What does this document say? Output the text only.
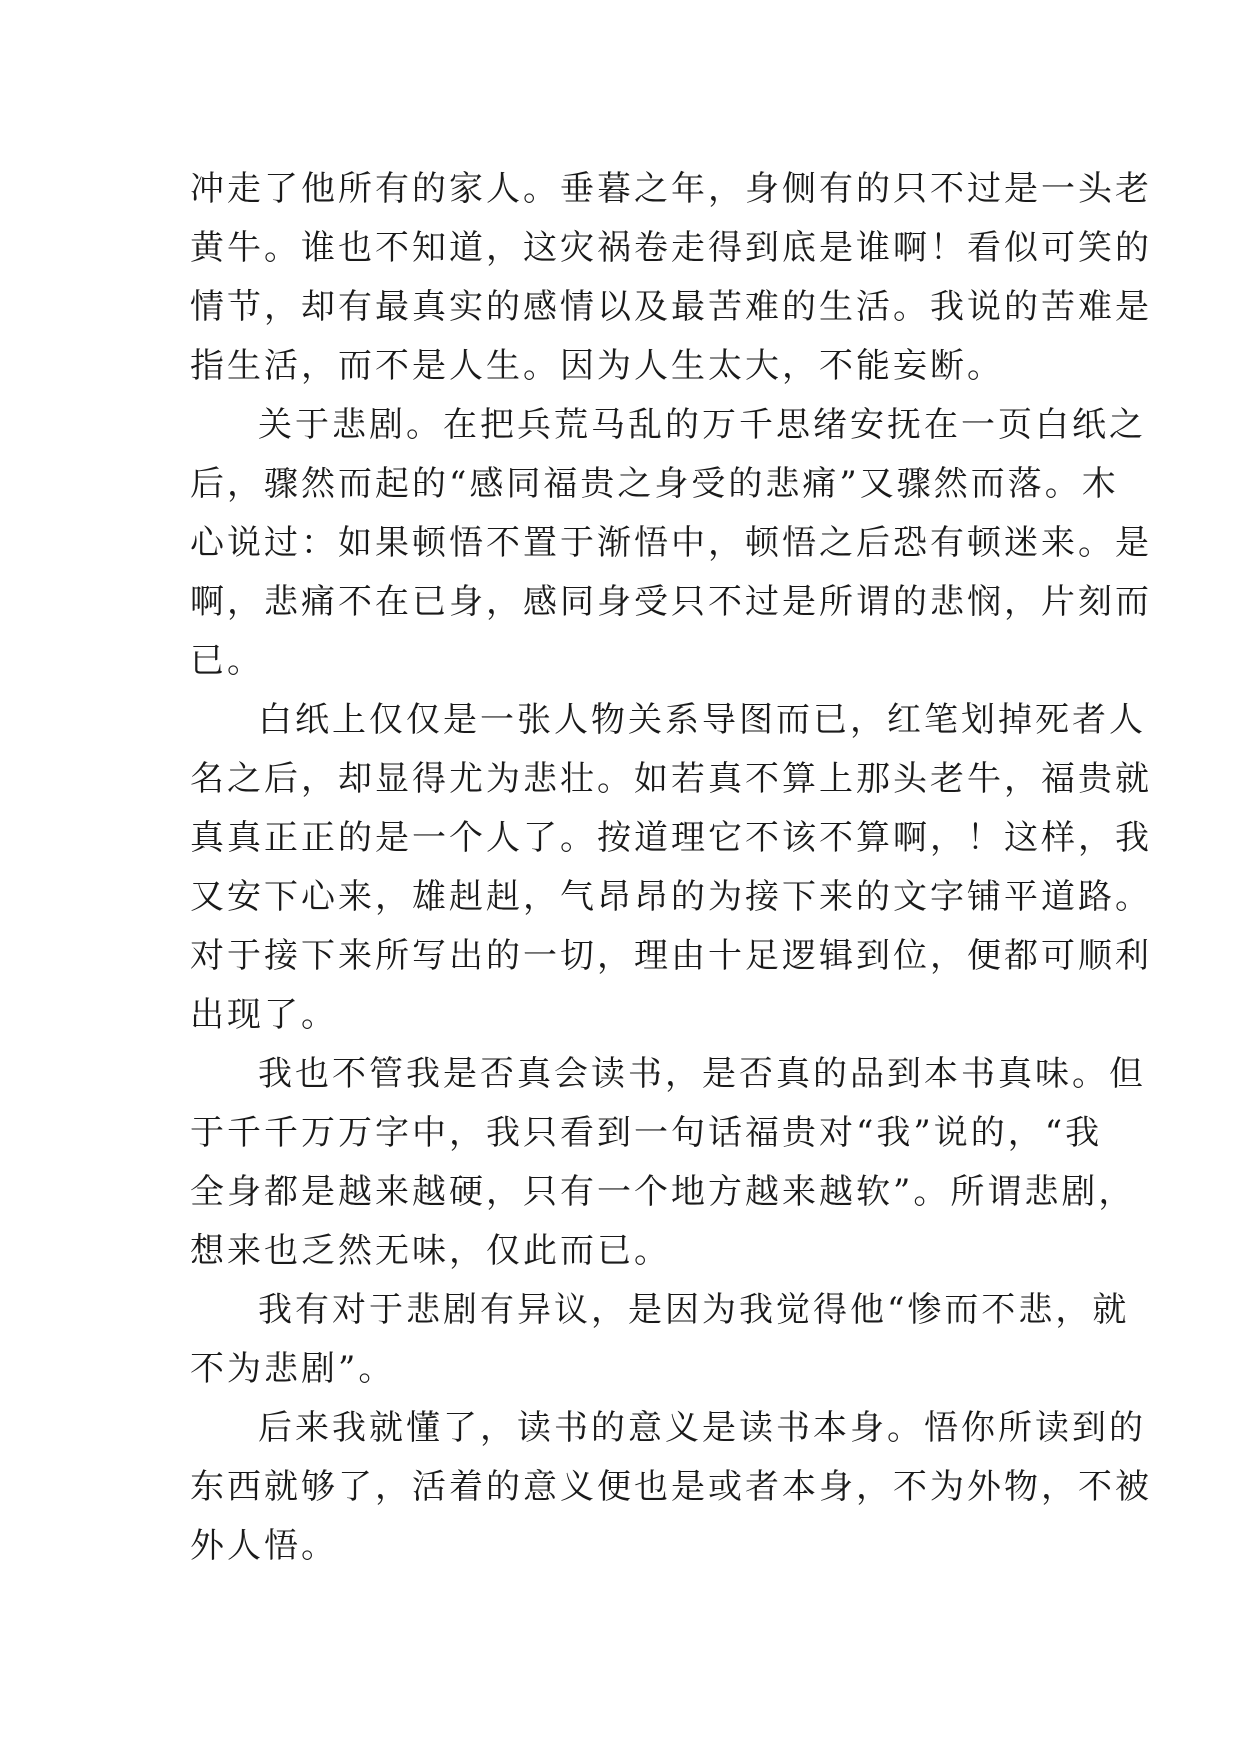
冲走了他所有的家人。垂暮之年，身侧有的只不过是一头老
黄牛。谁也不知道，这灾祸卷走得到底是谁啊！看似可笑的
情节，却有最真实的感情以及最苦难的生活。我说的苦难是
指生活，而不是人生。因为人生太大，不能妄断。
关于悲剧。在把兵荒马乱的万千思绪安抚在一页白纸之
后，骤然而起的“感同福贵之身受的悲痛”又骤然而落。木
心说过：如果顿悟不置于渐悟中，顿悟之后恐有顿迷来。是
啊，悲痛不在已身，感同身受只不过是所谓的悲悯，片刻而
已。
白纸上仅仅是一张人物关系导图而已，红笔划掉死者人
名之后，却显得尤为悲壮。如若真不算上那头老牛，福贵就
真真正正的是一个人了。按道理它不该不算啊，！这样，我
又安下心来，雄赳赳，气昂昂的为接下来的文字铺平道路。
对于接下来所写出的一切，理由十足逻辑到位，便都可顺利
出现了。
我也不管我是否真会读书，是否真的品到本书真味。但
于千千万万字中，我只看到一句话福贵对“我”说的，“我
全身都是越来越硬，只有一个地方越来越软”。所谓悲剧，
想来也乏然无味，仅此而已。
我有对于悲剧有异议，是因为我觉得他“惨而不悲，就
不为悲剧”。
后来我就懂了，读书的意义是读书本身。悟你所读到的
东西就够了，活着的意义便也是或者本身，不为外物，不被
外人悟。
